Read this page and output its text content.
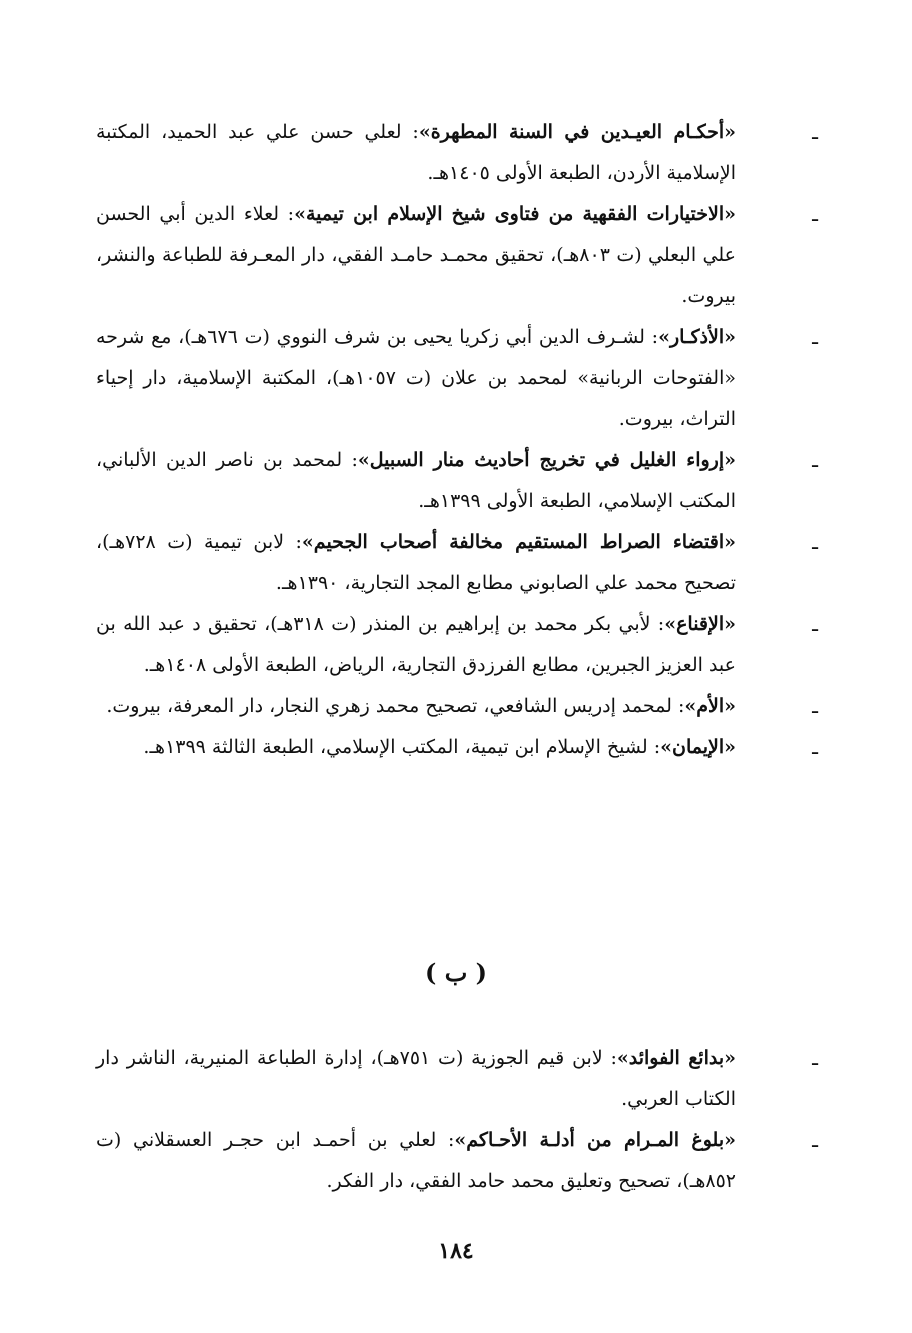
ـ
«أحكـام العيـدين في السنة المطهرة»: لعلي حسن علي عبد الحميد، المكتبة الإسلامية الأردن، الطبعة الأولى ١٤٠٥هـ.
ـ
«الاختيارات الفقهية من فتاوى شيخ الإسلام ابن تيمية»: لعلاء الدين أبي الحسن علي البعلي (ت ٨٠٣هـ)، تحقيق محمـد حامـد الفقي، دار المعـرفة للطباعة والنشر، بيروت.
ـ
«الأذكـار»: لشـرف الدين أبي زكريا يحيى بن شرف النووي (ت ٦٧٦هـ)، مع شرحه «الفتوحات الربانية» لمحمد بن علان (ت ١٠٥٧هـ)، المكتبة الإسلامية، دار إحياء التراث، بيروت.
ـ
«إرواء الغليل في تخريج أحاديث منار السبيل»: لمحمد بن ناصر الدين الألباني، المكتب الإسلامي، الطبعة الأولى ١٣٩٩هـ.
ـ
«اقتضاء الصراط المستقيم مخالفة أصحاب الجحيم»: لابن تيمية (ت ٧٢٨هـ)، تصحيح محمد علي الصابوني مطابع المجد التجارية، ١٣٩٠هـ.
ـ
«الإقناع»: لأبي بكر محمد بن إبراهيم بن المنذر (ت ٣١٨هـ)، تحقيق د عبد الله بن عبد العزيز الجبرين، مطابع الفرزدق التجارية، الرياض، الطبعة الأولى ١٤٠٨هـ.
ـ
«الأم»: لمحمد إدريس الشافعي، تصحيح محمد زهري النجار، دار المعرفة، بيروت.
ـ
«الإيمان»: لشيخ الإسلام ابن تيمية، المكتب الإسلامي، الطبعة الثالثة ١٣٩٩هـ.
( ب )
ـ
«بدائع الفوائد»: لابن قيم الجوزية (ت ٧٥١هـ)، إدارة الطباعة المنيرية، الناشر دار الكتاب العربي.
ـ
«بلوغ المـرام من أدلـة الأحـاكم»: لعلي بن أحمـد ابن حجـر العسقلاني (ت ٨٥٢هـ)، تصحيح وتعليق محمد حامد الفقي، دار الفكر.
١٨٤
